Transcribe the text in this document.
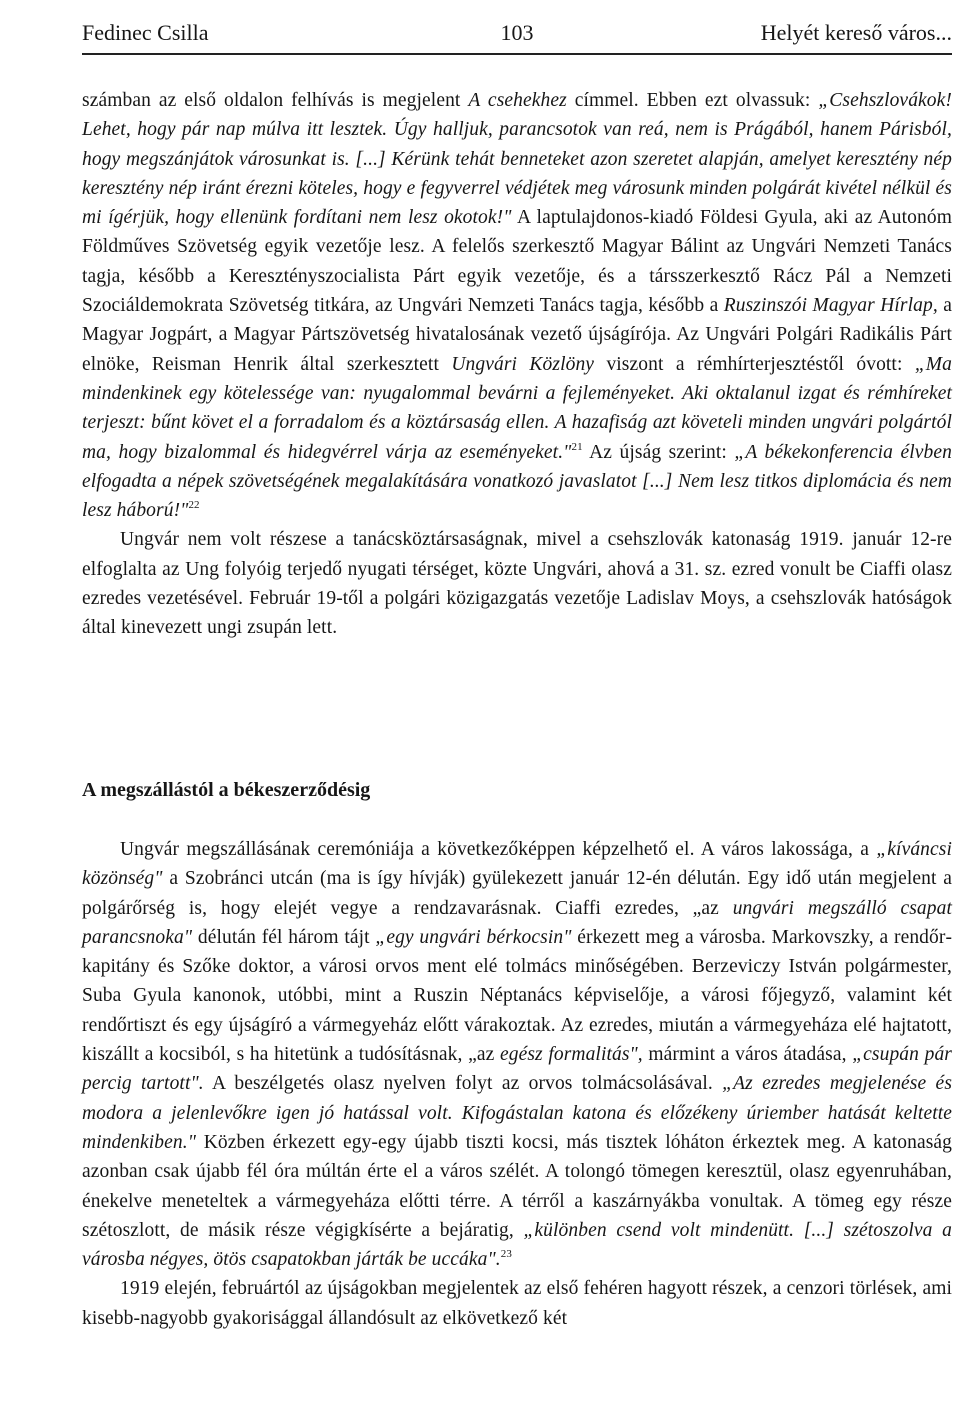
Fedinec Csilla	103	Helyét kereső város...

számban az első oldalon felhívás is megjelent A csehekhez címmel. Ebben ezt olvassuk: „Csehszlovákok! Lehet, hogy pár nap múlva itt lesztek. Úgy halljuk, parancsotok van reá, nem is Prágából, hanem Párisból, hogy megszánjátok városunkat is. [...] Kérünk tehát benneteket azon szeretet alapján, amelyet keresztény nép keresztény nép iránt érezni köteles, hogy e fegyverrel védjétek meg városunk minden polgárát kivétel nélkül és mi ígérjük, hogy ellenünk fordítani nem lesz okotok!" A laptulajdonos-kiadó Földesi Gyula, aki az Autonóm Földműves Szövetség egyik vezetője lesz. A felelős szerkesztő Magyar Bálint az Ungvári Nemzeti Tanács tagja, később a Keresztényszocialista Párt egyik vezetője, és a társszerkesztő Rácz Pál a Nemzeti Szociáldemokrata Szövetség titkára, az Ungvári Nemzeti Tanács tagja, később a Ruszinszói Magyar Hírlap, a Magyar Jogpárt, a Magyar Pártszövetség hivatalosának vezető újságírója. Az Ungvári Polgári Radikális Párt elnöke, Reisman Henrik által szerkesztett Ungvári Közlöny viszont a rémhírterjesztéstől óvott: „Ma mindenkinek egy kötelessége van: nyugalommal bevárni a fejleményeket. Aki oktalanul izgat és rémhíreket terjeszt: bűnt követ el a forradalom és a köztársaság ellen. A hazafiság azt követeli minden ungvári polgártól ma, hogy bizalommal és hidegvérrel várja az eseményeket."$^{21}$ Az újság szerint: „A békekonferencia élvben elfogadta a népek szövetségének megalakítására vonatkozó javaslatot [...] Nem lesz titkos diplomácia és nem lesz háború!"$^{22}$

Ungvár nem volt részese a tanácsköztársaságnak, mivel a csehszlovák katonaság 1919. január 12-re elfoglalta az Ung folyóig terjedő nyugati térséget, közte Ungvári, ahová a 31. sz. ezred vonult be Ciaffi olasz ezredes vezetésével. Február 19-től a polgári közigazgatás vezetője Ladislav Moys, a csehszlovák hatóságok által kinevezett ungi zsupán lett.

A megszállástól a békeszerződésig

Ungvár megszállásának ceremóniája a következőképpen képzelhető el. A város lakossága, a „kíváncsi közönség" a Szobránci utcán (ma is így hívják) gyülekezett január 12-én délután. Egy idő után megjelent a polgárőrség is, hogy elejét vegye a rendzavarásnak. Ciaffi ezredes, „az ungvári megszálló csapat parancsnoka" délután fél három tájt „egy ungvári bérkocsin" érkezett meg a városba. Markovszky, a rendőrkapitány és Szőke doktor, a városi orvos ment elé tolmács minőségében. Berzeviczy István polgármester, Suba Gyula kanonok, utóbbi, mint a Ruszin Néptanács képviselője, a városi főjegyző, valamint két rendőrtiszt és egy újságíró a vármegyeház előtt várakoztak. Az ezredes, miután a vármegyeháza elé hajtatott, kiszállt a kocsiból, s ha hitetünk a tudósításnak, „az egész formalitás", mármint a város átadása, „csupán pár percig tartott". A beszélgetés olasz nyelven folyt az orvos tolmácsolásával. „Az ezredes megjelenése és modora a jelenlevőkre igen jó hatással volt. Kifogástalan katona és előzékeny úriember hatását keltette mindenkiben." Közben érkezett egy-egy újabb tiszti kocsi, más tisztek lóháton érkeztek meg. A katonaság azonban csak újabb fél óra múltán érte el a város szélét. A tolongó tömegen keresztül, olasz egyenruhában, énekelve meneteltek a vármegyeháza előtti térre. A térről a kaszárnyákba vonultak. A tömeg egy része szétoszlott, de másik része végigkísérte a bejáratig, „különben csend volt mindenütt. [...] szétoszolva a városba négyes, ötös csapatokban járták be uccáka".$^{23}$

1919 elején, februártól az újságokban megjelentek az első fehéren hagyott részek, a cenzori törlések, ami kisebb-nagyobb gyakorisággal állandósult az elkövetkező két
